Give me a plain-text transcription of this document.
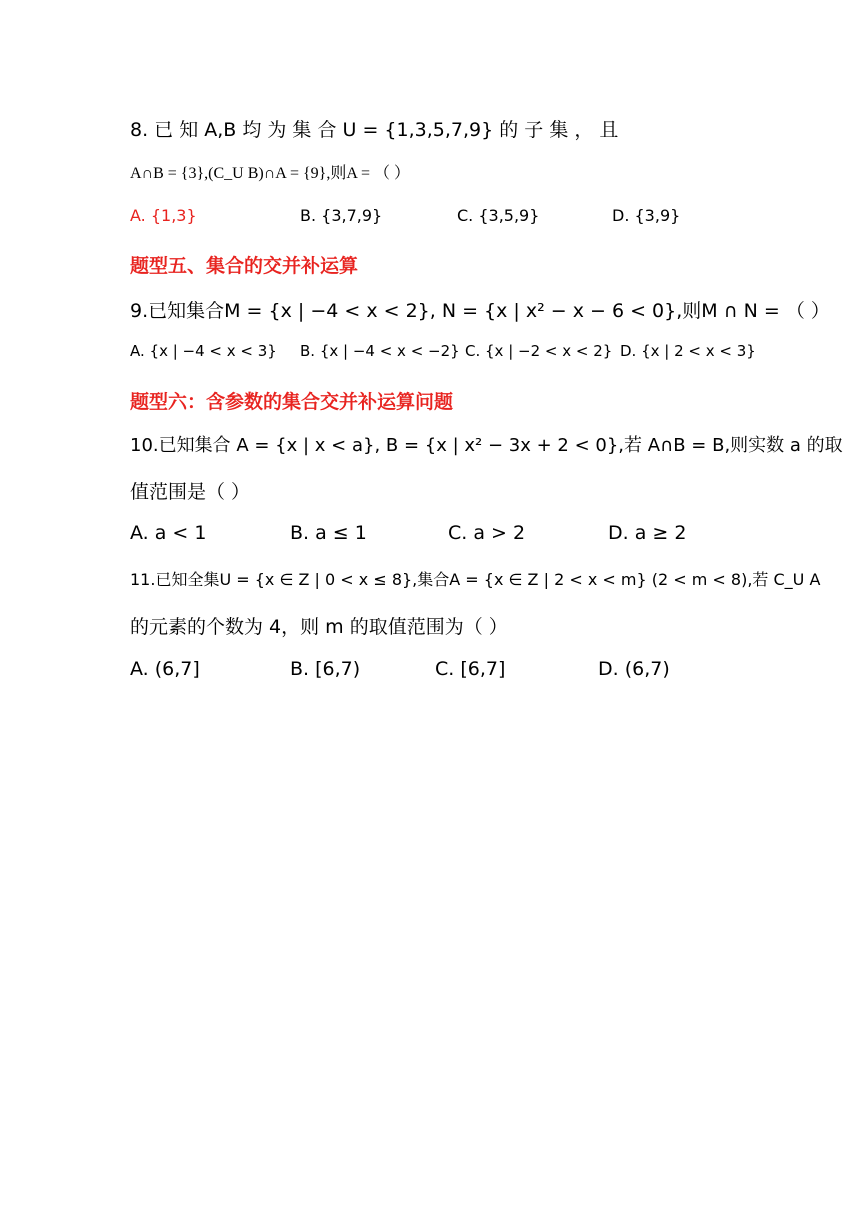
8. 已 知 A,B 均 为 集 合 U = {1,3,5,7,9} 的 子 集 ， 且
A∩B = {3},(C_U B)∩A = {9},则A = （ ）
A. {1,3}	B. {3,7,9}	C. {3,5,9}	D. {3,9}
题型五、集合的交并补运算
9.已知集合M = {x | −4 < x < 2}, N = {x | x² − x − 6 < 0},则M ∩ N = （ ）
A. {x | −4 < x < 3} B. {x | −4 < x < −2} C. {x | −2 < x < 2} D. {x | 2 < x < 3}
题型六：含参数的集合交并补运算问题
10.已知集合 A = {x | x < a}, B = {x | x² − 3x + 2 < 0},若 A∩B = B,则实数 a 的取
值范围是（ ）
A. a < 1	B. a ≤ 1	C. a > 2	D. a ≥ 2
11.已知全集U = {x ∈ Z | 0 < x ≤ 8},集合A = {x ∈ Z | 2 < x < m} (2 < m < 8),若 C_U A
的元素的个数为 4，则 m 的取值范围为（ ）
A. (6,7]	B. [6,7)	C. [6,7]	D. (6,7)
